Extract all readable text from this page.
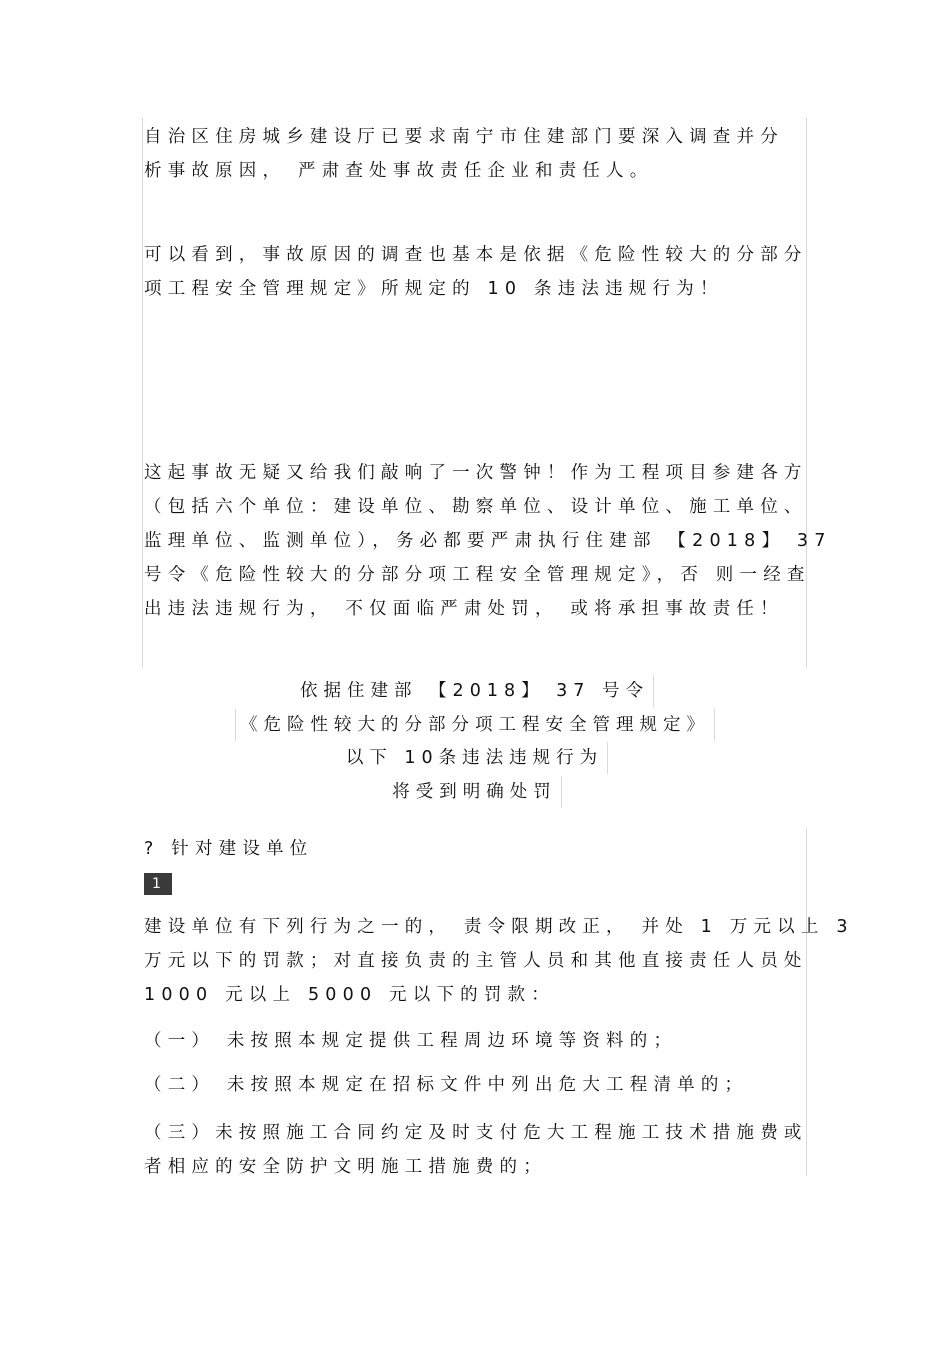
自治区住房城乡建设厅已要求南宁市住建部门要深入调查并分
析事故原因， 严肃查处事故责任企业和责任人。
可以看到，事故原因的调查也基本是依据《危险性较大的分部分
项工程安全管理规定》所规定的 10 条违法违规行为！
这起事故无疑又给我们敲响了一次警钟！作为工程项目参建各方
（包括六个单位：建设单位、勘察单位、设计单位、施工单位、
监理单位、监测单位），务必都要严肃执行住建部 【2018】 37
号令《危险性较大的分部分项工程安全管理规定》，否 则一经查
出违法违规行为， 不仅面临严肃处罚， 或将承担事故责任！
依据住建部 【2018】 37 号令
《危险性较大的分部分项工程安全管理规定》
以下 10条违法违规行为
将受到明确处罚
? 针对建设单位
1
建设单位有下列行为之一的， 责令限期改正， 并处 1 万元以上 3
万元以下的罚款；对直接负责的主管人员和其他直接责任人员处
1000 元以上 5000 元以下的罚款：
（一） 未按照本规定提供工程周边环境等资料的；
（二） 未按照本规定在招标文件中列出危大工程清单的；
（三）未按照施工合同约定及时支付危大工程施工技术措施费或
者相应的安全防护文明施工措施费的；
